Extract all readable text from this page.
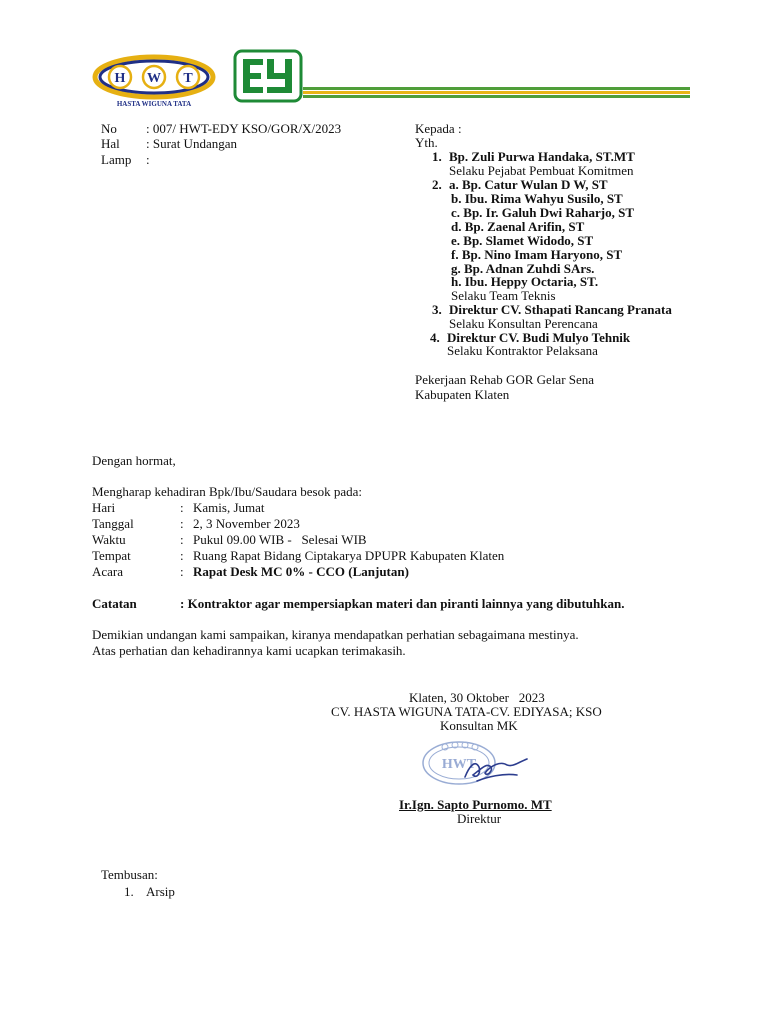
H W T
HASTA WIGUNA TATA
No : 007/ HWT-EDY KSO/GOR/X/2023
Hal : Surat Undangan
Lamp :
Kepada :
Yth.
1. Bp. Zuli Purwa Handaka, ST.MT
Selaku Pejabat Pembuat Komitmen
2. a. Bp. Catur Wulan D W, ST
b. Ibu. Rima Wahyu Susilo, ST
c. Bp. Ir. Galuh Dwi Raharjo, ST
d. Bp. Zaenal Arifin, ST
e. Bp. Slamet Widodo, ST
f. Bp. Nino Imam Haryono, ST
g. Bp. Adnan Zuhdi SArs.
h. Ibu. Heppy Octaria, ST.
Selaku Team Teknis
3. Direktur CV. Sthapati Rancang Pranata
Selaku Konsultan Perencana
4. Direktur CV. Budi Mulyo Tehnik
Selaku Kontraktor Pelaksana
Pekerjaan Rehab GOR Gelar Sena
Kabupaten Klaten
Dengan hormat,
Mengharap kehadiran Bpk/Ibu/Saudara besok pada:
Hari	: Kamis, Jumat
Tanggal	: 2, 3 November 2023
Waktu	: Pukul 09.00 WIB -   Selesai WIB
Tempat	: Ruang Rapat Bidang Ciptakarya DPUPR Kabupaten Klaten
Acara	: Rapat Desk MC 0% - CCO (Lanjutan)
Catatan	: Kontraktor agar mempersiapkan materi dan piranti lainnya yang dibutuhkan.
Demikian undangan kami sampaikan, kiranya mendapatkan perhatian sebagaimana mestinya.
Atas perhatian dan kehadirannya kami ucapkan terimakasih.
Klaten, 30 Oktober   2023
CV. HASTA WIGUNA TATA-CV. EDIYASA; KSO
Konsultan MK
HWT
Ir.Ign. Sapto Purnomo. MT
Direktur
Tembusan:
1. Arsip
